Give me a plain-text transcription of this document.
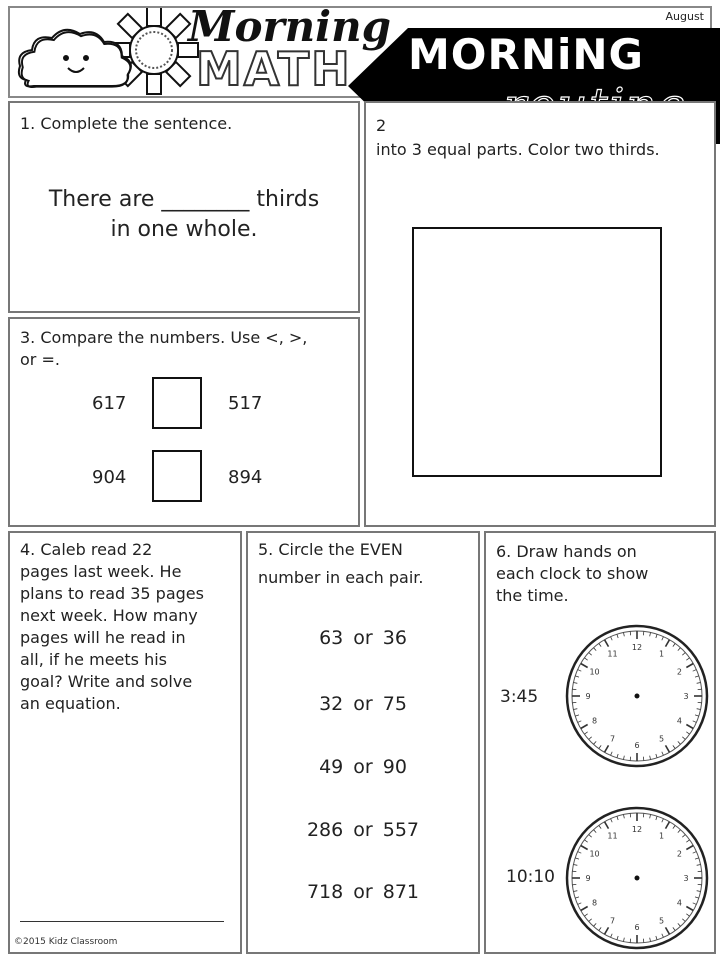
Morning
MATH
August
MORNiNG
1. Complete the sentence.
There are ________ thirds
in one whole.
2
into 3 equal parts. Color two thirds.
3. Compare the numbers. Use <, >,
or =.
617	517
904	894
4. Caleb read 22
pages last week. He
plans to read 35 pages
next week. How many
pages will he read in
all, if he meets his
goal? Write and solve
an equation.
©2015 Kidz Classroom
5. Circle the EVEN
number in each pair.
63 or 36
32 or 75
49 or 90
286 or 557
718 or 871
6. Draw hands on
each clock to show
the time.
3:45
12
1
2
3
4
5
6
7
8
9
10
11
10:10
12
1
2
3
4
5
6
7
8
9
10
11
